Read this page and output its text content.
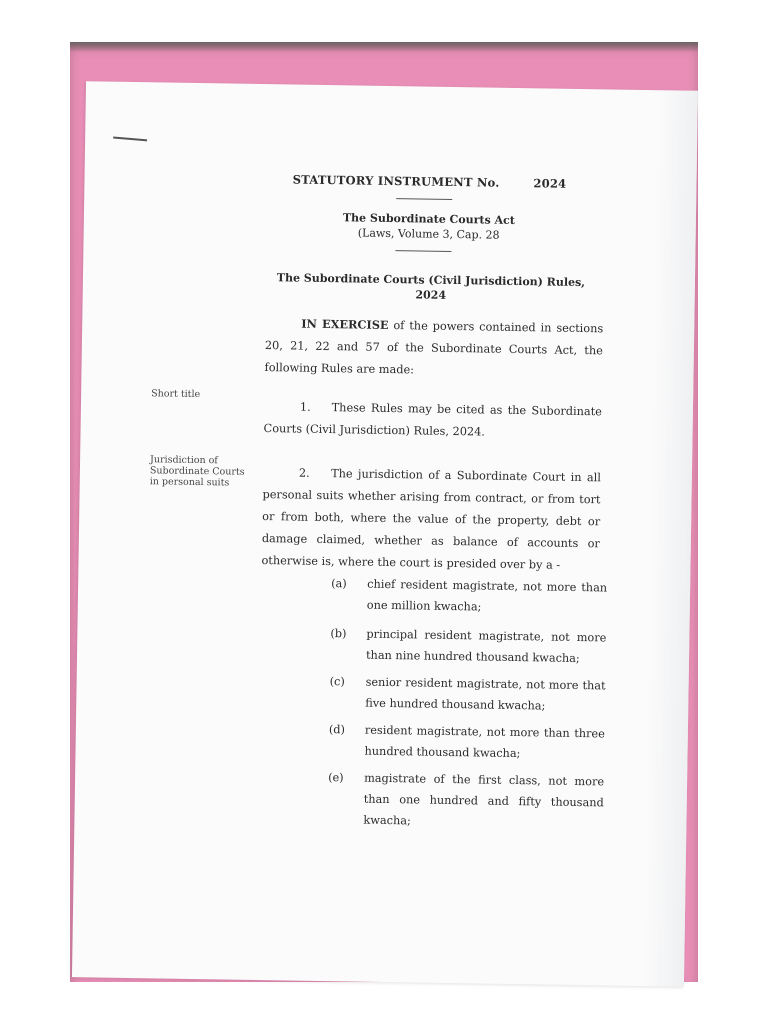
STATUTORY INSTRUMENT No.	2024
The Subordinate Courts Act
(Laws, Volume 3, Cap. 28
The Subordinate Courts (Civil Jurisdiction) Rules,
2024
IN EXERCISE of the powers contained in sections 20, 21, 22 and 57 of the Subordinate Courts Act, the following Rules are made:
Short title
1. These Rules may be cited as the Subordinate Courts (Civil Jurisdiction) Rules, 2024.
Jurisdiction of Subordinate Courts in personal suits
2. The jurisdiction of a Subordinate Court in all personal suits whether arising from contract, or from tort or from both, where the value of the property, debt or damage claimed, whether as balance of accounts or otherwise is, where the court is presided over by a -
(a) chief resident magistrate, not more than one million kwacha;
(b) principal resident magistrate, not more than nine hundred thousand kwacha;
(c) senior resident magistrate, not more that five hundred thousand kwacha;
(d) resident magistrate, not more than three hundred thousand kwacha;
(e) magistrate of the first class, not more than one hundred and fifty thousand kwacha;
